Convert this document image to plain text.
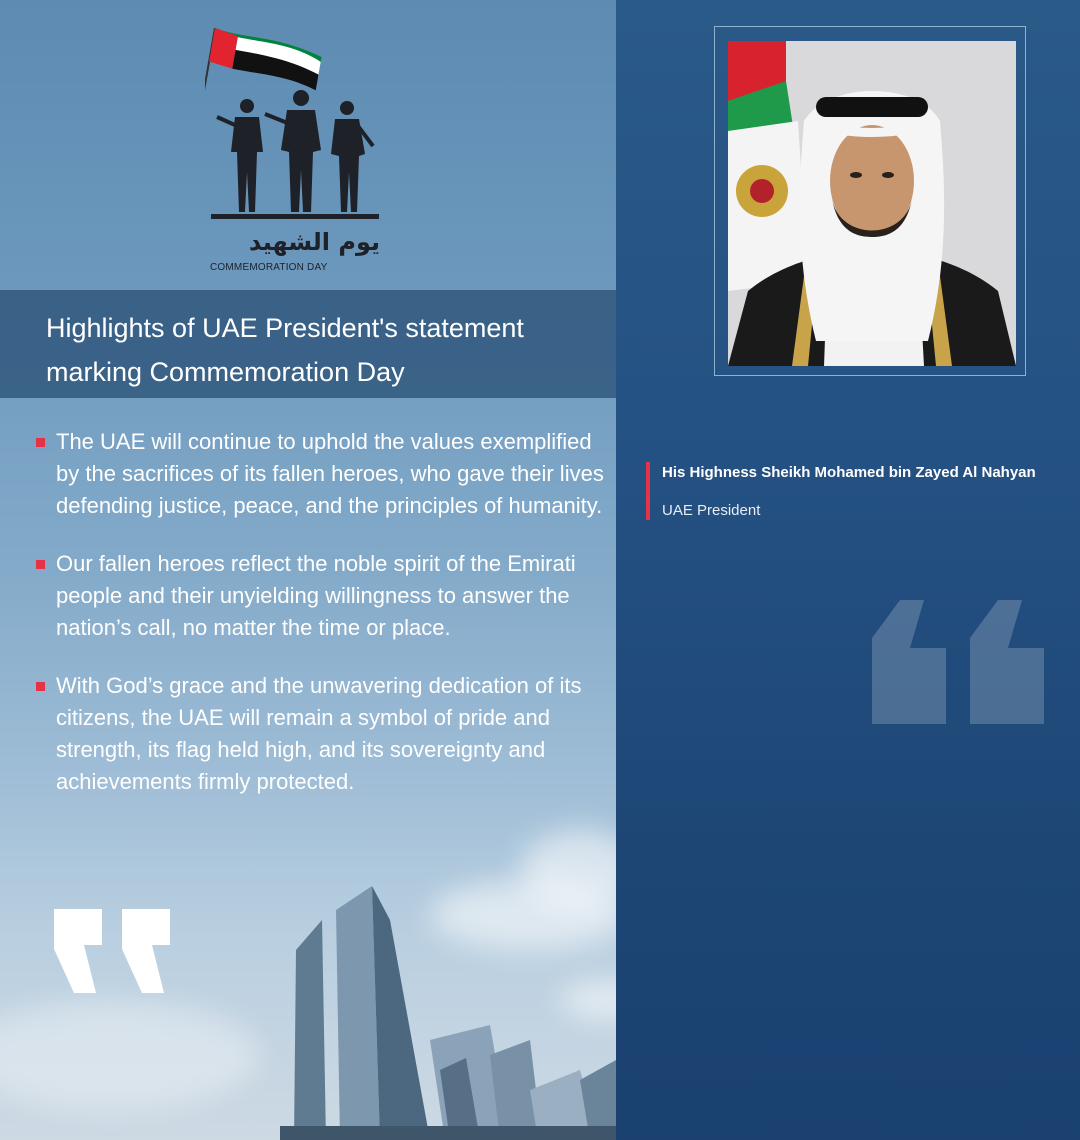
يوم الشهيد
COMMEMORATION DAY
Highlights of UAE President's statement marking Commemoration Day
The UAE will continue to uphold the values exemplified by the sacrifices of its fallen heroes, who gave their lives defending justice, peace, and the principles of humanity.
Our fallen heroes reflect the noble spirit of the Emirati people and their unyielding willingness to answer the nation’s call, no matter the time or place.
With God’s grace and the unwavering dedication of its citizens, the UAE will remain a symbol of pride and strength, its flag held high, and its sovereignty and achievements firmly protected.
His Highness Sheikh Mohamed bin Zayed Al Nahyan
UAE President
